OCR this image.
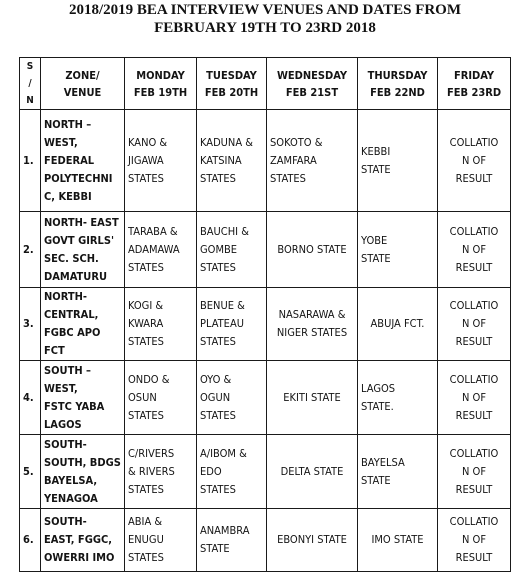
2018/2019 BEA INTERVIEW VENUES AND DATES FROM
FEBRUARY 19TH TO 23RD 2018
S
/
N	ZONE/
VENUE	MONDAY
FEB 19TH	TUESDAY
FEB 20TH	WEDNESDAY
FEB 21ST	THURSDAY
FEB 22ND	FRIDAY
FEB 23RD
1.	NORTH –
WEST,
FEDERAL
POLYTECHNI
C, KEBBI	KANO &
JIGAWA
STATES	KADUNA &
KATSINA
STATES	SOKOTO &
ZAMFARA
STATES	KEBBI
STATE	COLLATIO
N OF
RESULT
2.	NORTH- EAST
GOVT GIRLS'
SEC. SCH.
DAMATURU	TARABA &
ADAMAWA
STATES	BAUCHI &
GOMBE
STATES	BORNO STATE	YOBE
STATE	COLLATIO
N OF
RESULT
3.	NORTH-
CENTRAL,
FGBC APO
FCT	KOGI &
KWARA
STATES	BENUE &
PLATEAU
STATES	NASARAWA &
NIGER STATES	ABUJA FCT.	COLLATIO
N OF
RESULT
4.	SOUTH –
WEST,
FSTC YABA
LAGOS	ONDO &
OSUN
STATES	OYO &
OGUN
STATES	EKITI STATE	LAGOS
STATE.	COLLATIO
N OF
RESULT
5.	SOUTH-
SOUTH, BDGS
BAYELSA,
YENAGOA	C/RIVERS
& RIVERS
STATES	A/IBOM &
EDO
STATES	DELTA STATE	BAYELSA
STATE	COLLATIO
N OF
RESULT
6.	SOUTH-
EAST, FGGC,
OWERRI IMO	ABIA &
ENUGU
STATES	ANAMBRA
STATE	EBONYI STATE	IMO STATE	COLLATIO
N OF
RESULT
